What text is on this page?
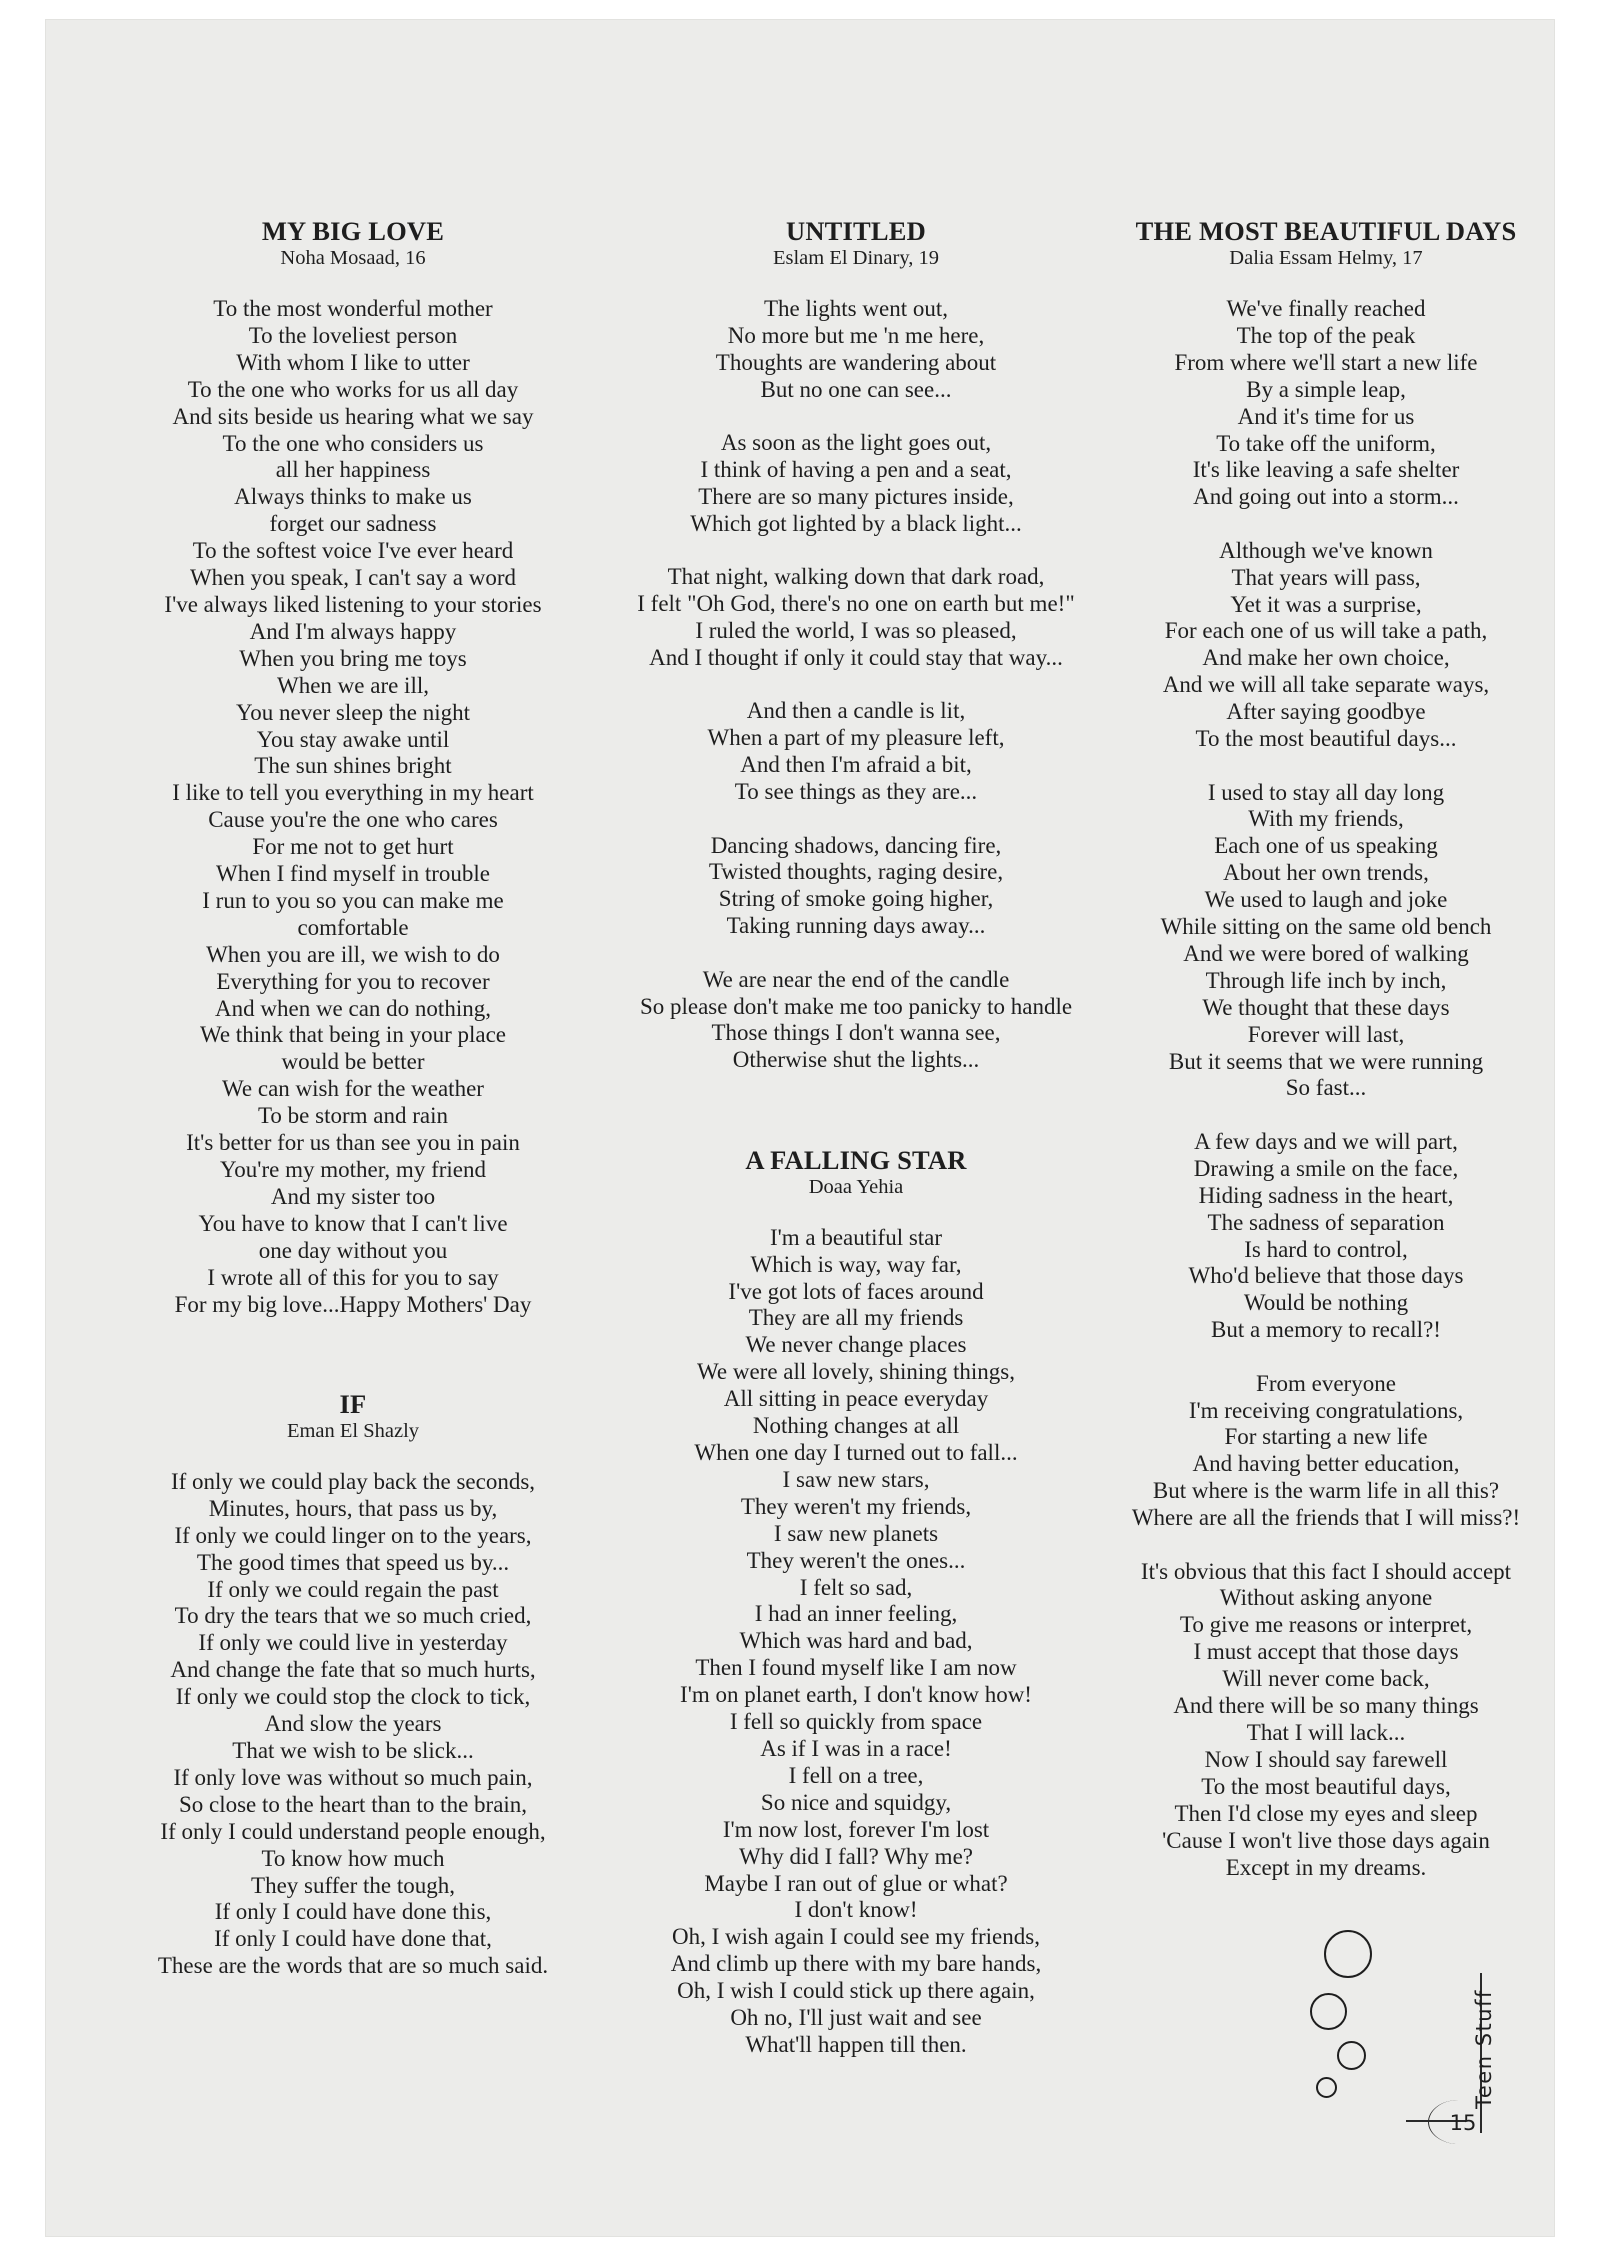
MY BIG LOVE
Noha Mosaad, 16
To the most wonderful mother
To the loveliest person
With whom I like to utter
To the one who works for us all day
And sits beside us hearing what we say
To the one who considers us
all her happiness
Always thinks to make us
forget our sadness
To the softest voice I've ever heard
When you speak, I can't say a word
I've always liked listening to your stories
And I'm always happy
When you bring me toys
When we are ill,
You never sleep the night
You stay awake until
The sun shines bright
I like to tell you everything in my heart
Cause you're the one who cares
For me not to get hurt
When I find myself in trouble
I run to you so you can make me
comfortable
When you are ill, we wish to do
Everything for you to recover
And when we can do nothing,
We think that being in your place
would be better
We can wish for the weather
To be storm and rain
It's better for us than see you in pain
You're my mother, my friend
And my sister too
You have to know that I can't live
one day without you
I wrote all of this for you to say
For my big love...Happy Mothers' Day
IF
Eman El Shazly
If only we could play back the seconds,
Minutes, hours, that pass us by,
If only we could linger on to the years,
The good times that speed us by...
If only we could regain the past
To dry the tears that we so much cried,
If only we could live in yesterday
And change the fate that so much hurts,
If only we could stop the clock to tick,
And slow the years
That we wish to be slick...
If only love was without so much pain,
So close to the heart than to the brain,
If only I could understand people enough,
To know how much
They suffer the tough,
If only I could have done this,
If only I could have done that,
These are the words that are so much said.
UNTITLED
Eslam El Dinary, 19
The lights went out,
No more but me 'n me here,
Thoughts are wandering about
But no one can see...
As soon as the light goes out,
I think of having a pen and a seat,
There are so many pictures inside,
Which got lighted by a black light...
That night, walking down that dark road,
I felt "Oh God, there's no one on earth but me!"
I ruled the world, I was so pleased,
And I thought if only it could stay that way...
And then a candle is lit,
When a part of my pleasure left,
And then I'm afraid a bit,
To see things as they are...
Dancing shadows, dancing fire,
Twisted thoughts, raging desire,
String of smoke going higher,
Taking running days away...
We are near the end of the candle
So please don't make me too panicky to handle
Those things I don't wanna see,
Otherwise shut the lights...
A FALLING STAR
Doaa Yehia
I'm a beautiful star
Which is way, way far,
I've got lots of faces around
They are all my friends
We never change places
We were all lovely, shining things,
All sitting in peace everyday
Nothing changes at all
When one day I turned out to fall...
I saw new stars,
They weren't my friends,
I saw new planets
They weren't the ones...
I felt so sad,
I had an inner feeling,
Which was hard and bad,
Then I found myself like I am now
I'm on planet earth, I don't know how!
I fell so quickly from space
As if I was in a race!
I fell on a tree,
So nice and squidgy,
I'm now lost, forever I'm lost
Why did I fall? Why me?
Maybe I ran out of glue or what?
I don't know!
Oh, I wish again I could see my friends,
And climb up there with my bare hands,
Oh, I wish I could stick up there again,
Oh no, I'll just wait and see
What'll happen till then.
THE MOST BEAUTIFUL DAYS
Dalia Essam Helmy, 17
We've finally reached
The top of the peak
From where we'll start a new life
By a simple leap,
And it's time for us
To take off the uniform,
It's like leaving a safe shelter
And going out into a storm...
Although we've known
That years will pass,
Yet it was a surprise,
For each one of us will take a path,
And make her own choice,
And we will all take separate ways,
After saying goodbye
To the most beautiful days...
I used to stay all day long
With my friends,
Each one of us speaking
About her own trends,
We used to laugh and joke
While sitting on the same old bench
And we were bored of walking
Through life inch by inch,
We thought that these days
Forever will last,
But it seems that we were running
So fast...
A few days and we will part,
Drawing a smile on the face,
Hiding sadness in the heart,
The sadness of separation
Is hard to control,
Who'd believe that those days
Would be nothing
But a memory to recall?!
From everyone
I'm receiving congratulations,
For starting a new life
And having better education,
But where is the warm life in all this?
Where are all the friends that I will miss?!
It's obvious that this fact I should accept
Without asking anyone
To give me reasons or interpret,
I must accept that those days
Will never come back,
And there will be so many things
That I will lack...
Now I should say farewell
To the most beautiful days,
Then I'd close my eyes and sleep
'Cause I won't live those days again
Except in my dreams.
Teen Stuff
15
